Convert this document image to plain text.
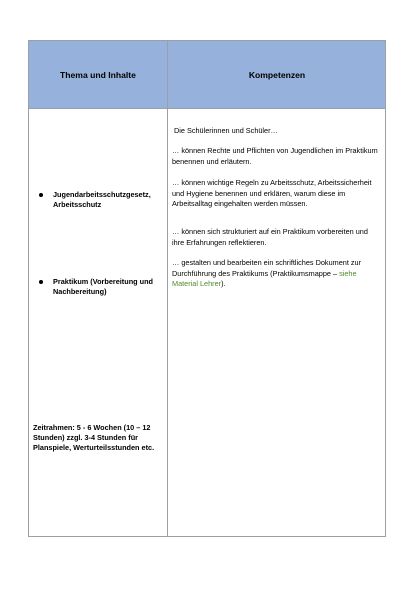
Thema und Inhalte	Kompetenzen
Jugendarbeitsschutzgesetz, Arbeitsschutz
Praktikum (Vorbereitung und Nachbereitung)
Zeitrahmen: 5 - 6 Wochen (10 – 12 Stunden) zzgl. 3-4 Stunden für Planspiele, Werturteilsstunden etc.
Die Schülerinnen und Schüler…
… können Rechte und Pflichten von Jugendlichen im Praktikum benennen und erläutern.
… können wichtige Regeln zu Arbeitsschutz, Arbeitssicherheit und Hygiene benennen und erklären, warum diese im Arbeitsalltag eingehalten werden müssen.
… können sich strukturiert auf ein Praktikum vorbereiten und ihre Erfahrungen reflektieren.
… gestalten und bearbeiten ein schriftliches Dokument zur Durchführung des Praktikums (Praktikumsmappe – siehe Material Lehrer).
